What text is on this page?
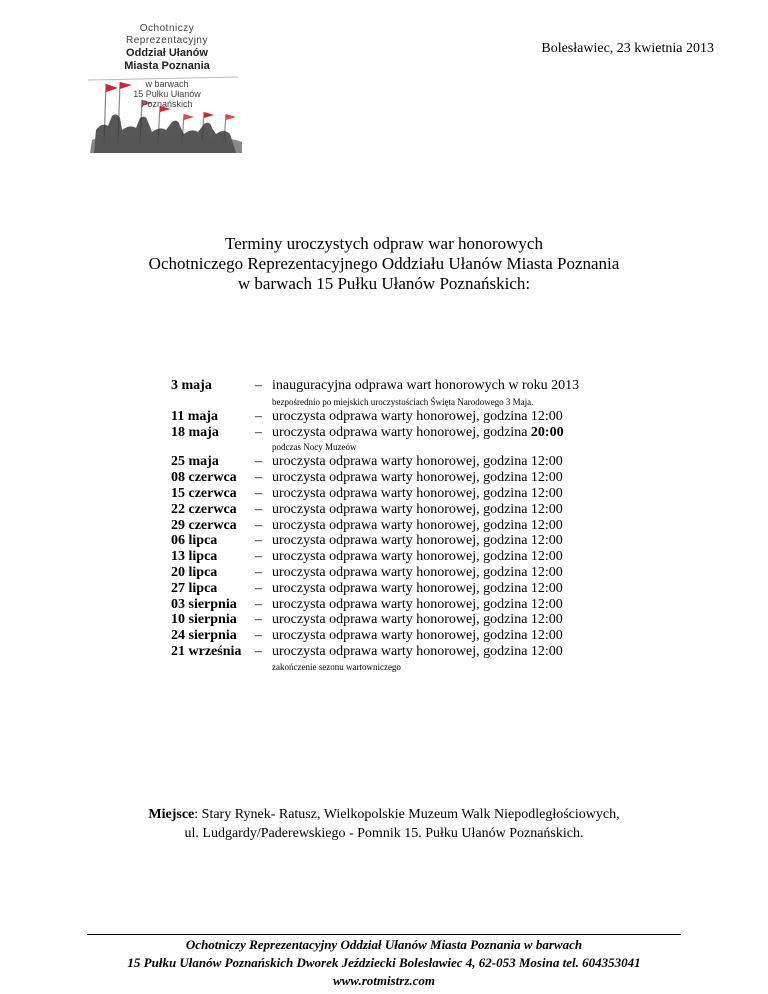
Ochotniczy
Reprezentacyjny
Oddział Ułanów
Miasta Poznania
w barwach
15 Pułku Ułanów
Poznańskich
Bolesławiec, 23 kwietnia 2013
Terminy uroczystych odpraw war honorowych
Ochotniczego Reprezentacyjnego Oddziału Ułanów Miasta Poznania
w barwach 15 Pułku Ułanów Poznańskich:
3 maja	– inauguracyjna odprawa wart honorowych w roku 2013
bezpośrednio po miejskich uroczystościach Święta Narodowego 3 Maja.
11 maja	– uroczysta odprawa warty honorowej, godzina 12:00
18 maja	– uroczysta odprawa warty honorowej, godzina 20:00
podczas Nocy Muzeów
25 maja	– uroczysta odprawa warty honorowej, godzina 12:00
08 czerwca	– uroczysta odprawa warty honorowej, godzina 12:00
15 czerwca	– uroczysta odprawa warty honorowej, godzina 12:00
22 czerwca	– uroczysta odprawa warty honorowej, godzina 12:00
29 czerwca	– uroczysta odprawa warty honorowej, godzina 12:00
06 lipca	– uroczysta odprawa warty honorowej, godzina 12:00
13 lipca	– uroczysta odprawa warty honorowej, godzina 12:00
20 lipca	– uroczysta odprawa warty honorowej, godzina 12:00
27 lipca	– uroczysta odprawa warty honorowej, godzina 12:00
03 sierpnia	– uroczysta odprawa warty honorowej, godzina 12:00
10 sierpnia	– uroczysta odprawa warty honorowej, godzina 12:00
24 sierpnia	– uroczysta odprawa warty honorowej, godzina 12:00
21 września – uroczysta odprawa warty honorowej, godzina 12:00
zakończenie sezonu wartowniczego
Miejsce: Stary Rynek- Ratusz, Wielkopolskie Muzeum Walk Niepodległościowych,
ul. Ludgardy/Paderewskiego - Pomnik 15. Pułku Ułanów Poznańskich.
Ochotniczy Reprezentacyjny Oddział Ułanów Miasta Poznania w barwach
15 Pułku Ułanów Poznańskich Dworek Jeździecki Bolesławiec 4, 62-053 Mosina tel. 604353041
www.rotmistrz.com
